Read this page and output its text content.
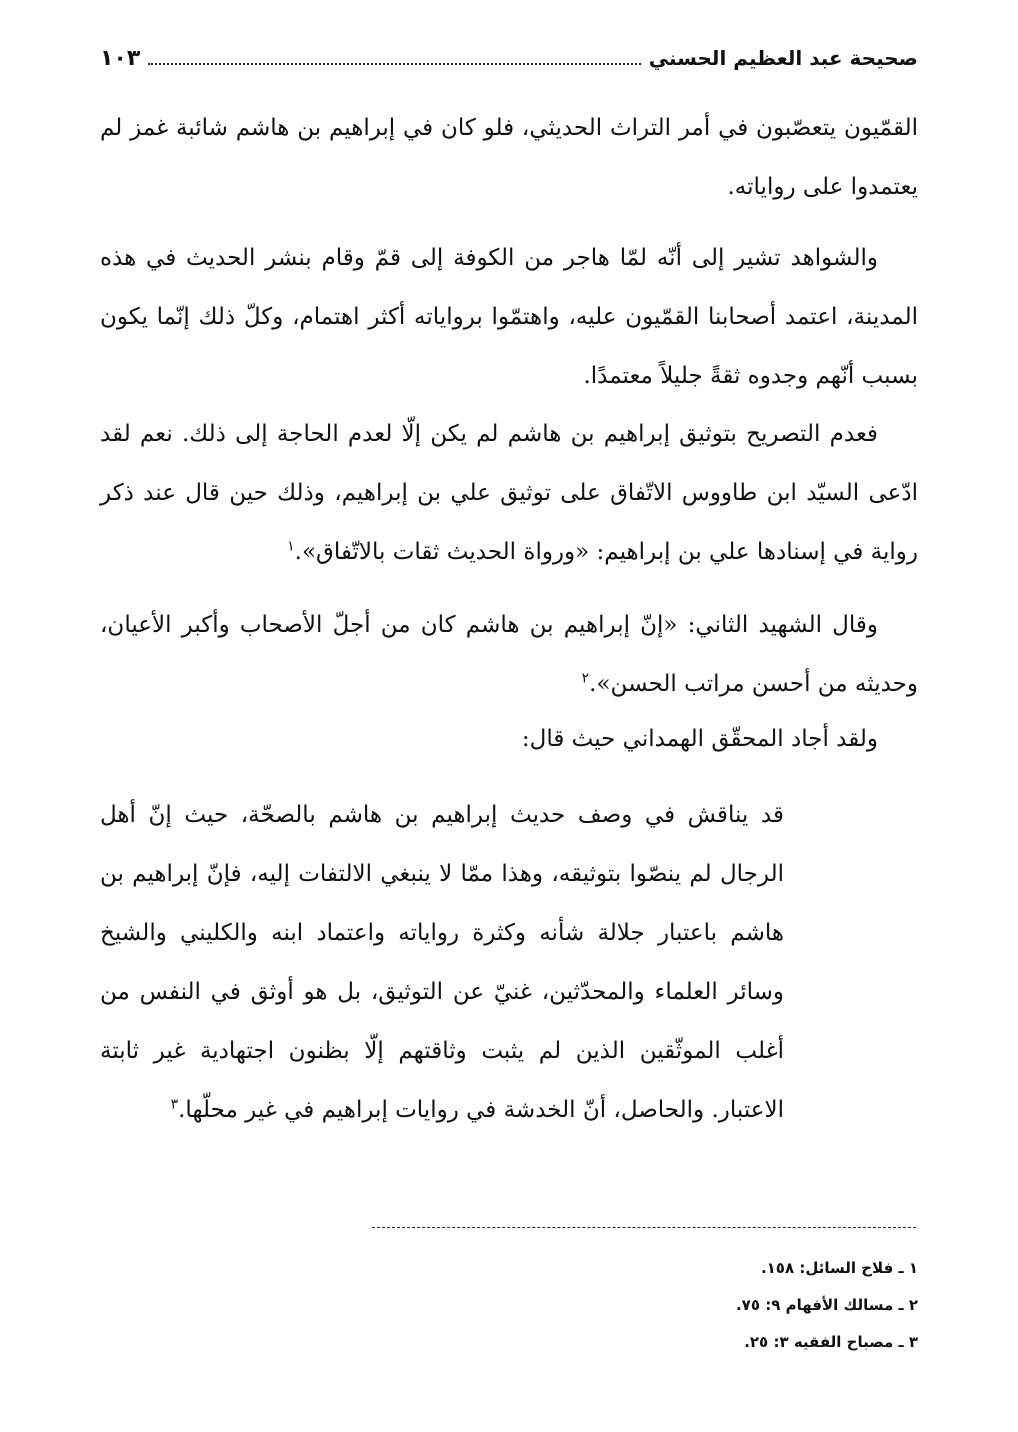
صحيحة عبد العظيم الحسني
١٠٣

القمّيون يتعصّبون في أمر التراث الحديثي، فلو كان في إبراهيم بن هاشم شائبة غمز لم يعتمدوا على رواياته.

والشواهد تشير إلى أنّه لمّا هاجر من الكوفة إلى قمّ وقام بنشر الحديث في هذه المدينة، اعتمد أصحابنا القمّيون عليه، واهتمّوا برواياته أكثر اهتمام، وكلّ ذلك إنّما يكون بسبب أنّهم وجدوه ثقةً جليلاً معتمدًا.

فعدم التصريح بتوثيق إبراهيم بن هاشم لم يكن إلّا لعدم الحاجة إلى ذلك. نعم لقد ادّعى السيّد ابن طاووس الاتّفاق على توثيق علي بن إبراهيم، وذلك حين قال عند ذكر رواية في إسنادها علي بن إبراهيم: «ورواة الحديث ثقات بالاتّفاق».$^١$

وقال الشهيد الثاني: «إنّ إبراهيم بن هاشم كان من أجلّ الأصحاب وأكبر الأعيان، وحديثه من أحسن مراتب الحسن».$^٢$

ولقد أجاد المحقّق الهمداني حيث قال:

قد يناقش في وصف حديث إبراهيم بن هاشم بالصحّة، حيث إنّ أهل الرجال لم ينصّوا بتوثيقه، وهذا ممّا لا ينبغي الالتفات إليه، فإنّ إبراهيم بن هاشم باعتبار جلالة شأنه وكثرة رواياته واعتماد ابنه والكليني والشيخ وسائر العلماء والمحدّثين، غنيّ عن التوثيق، بل هو أوثق في النفس من أغلب الموثّقين الذين لم يثبت وثاقتهم إلّا بظنون اجتهادية غير ثابتة الاعتبار. والحاصل، أنّ الخدشة في روايات إبراهيم في غير محلّها.$^٣$

١ ـ فلاح السائل: ١٥٨.
٢ ـ مسالك الأفهام ٩: ٧٥.
٣ ـ مصباح الفقيه ٣: ٢٥.
